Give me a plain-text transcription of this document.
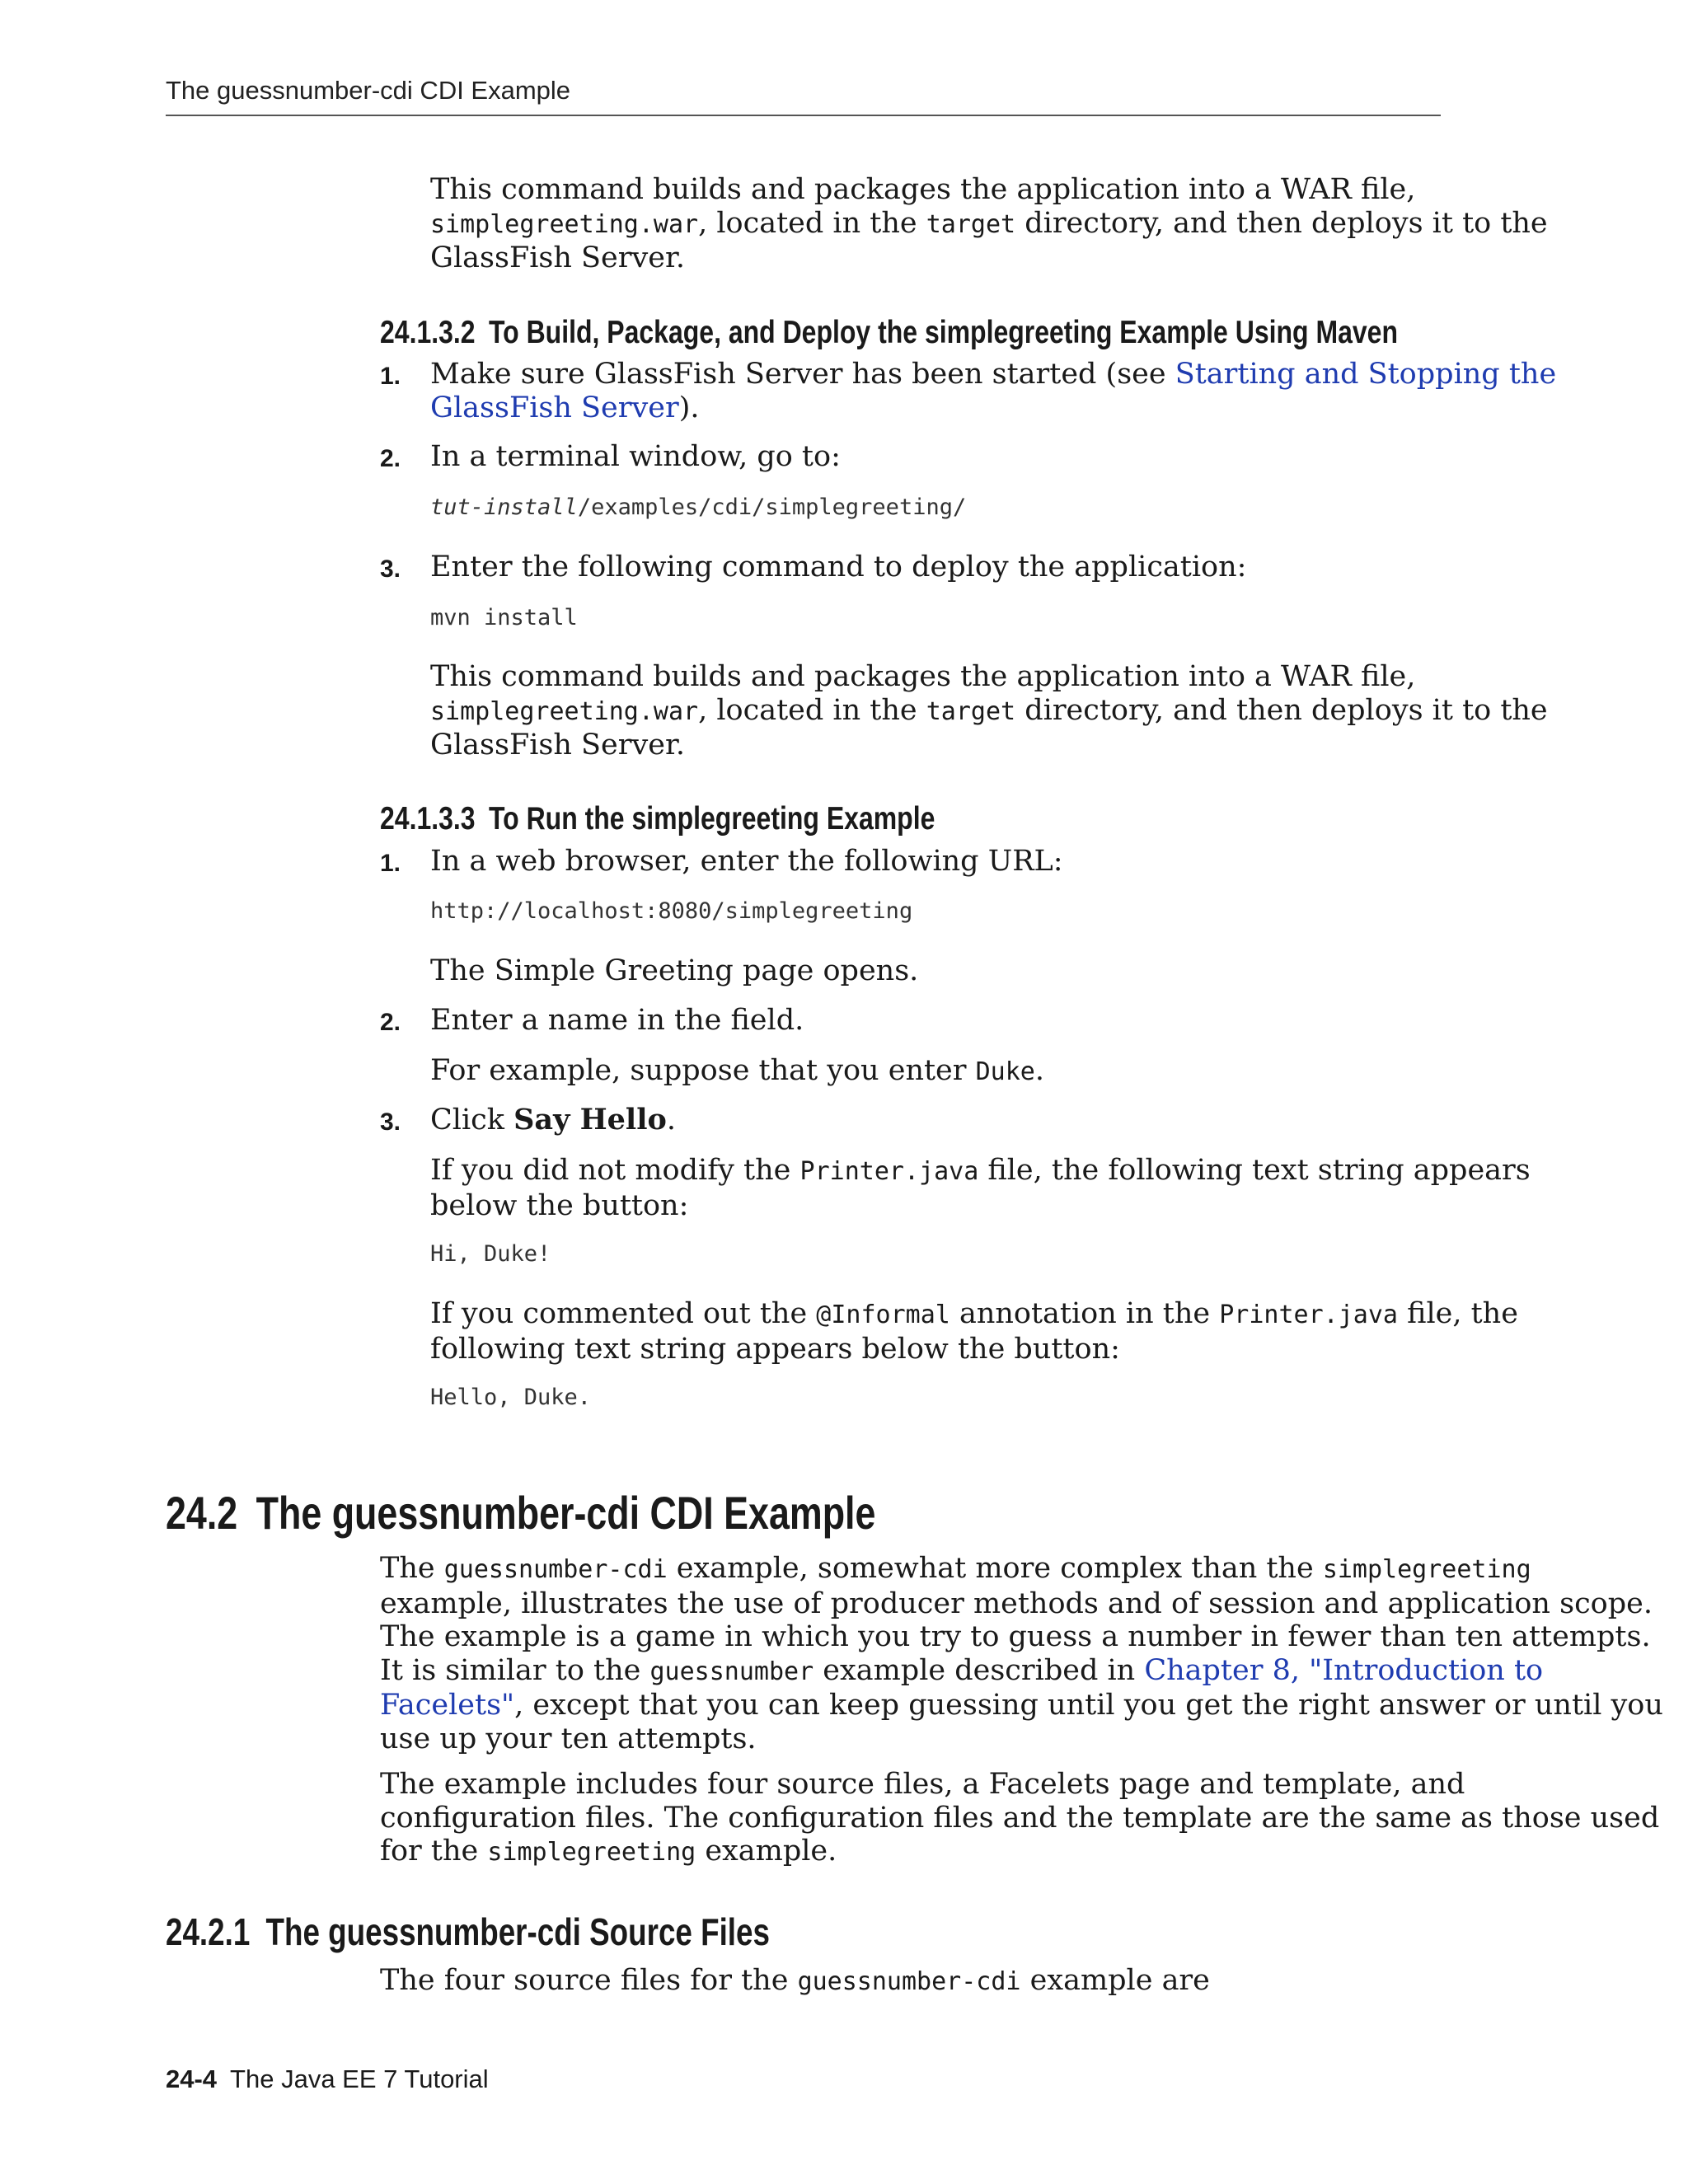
The guessnumber-cdi CDI Example

This command builds and packages the application into a WAR file,
simplegreeting.war, located in the target directory, and then deploys it to the
GlassFish Server.

24.1.3.2 To Build, Package, and Deploy the simplegreeting Example Using Maven
1. Make sure GlassFish Server has been started (see Starting and Stopping the
GlassFish Server).

2. In a terminal window, go to:

tut-install/examples/cdi/simplegreeting/
3. Enter the following command to deploy the application:

mvn install

This command builds and packages the application into a WAR file,
simplegreeting.war, located in the target directory, and then deploys it to the
GlassFish Server.

24.1.3.3 To Run the simplegreeting Example
1. In a web browser, enter the following URL:

http://localhost:8080/simplegreeting

The Simple Greeting page opens.

2. Enter a name in the field.

For example, suppose that you enter Duke.

3. Click Say Hello.

If you did not modify the Printer.java file, the following text string appears
below the button:

Hi, Duke!

If you commented out the @Informal annotation in the Printer.java file, the
following text string appears below the button:

Hello, Duke.
24.2 The guessnumber-cdi CDI Example

The guessnumber-cdi example, somewhat more complex than the simplegreeting
example, illustrates the use of producer methods and of session and application scope.
The example is a game in which you try to guess a number in fewer than ten attempts.
It is similar to the guessnumber example described in Chapter 8, "Introduction to
Facelets", except that you can keep guessing until you get the right answer or until you
use up your ten attempts.

The example includes four source files, a Facelets page and template, and
configuration files. The configuration files and the template are the same as those used
for the simplegreeting example.

24.2.1 The guessnumber-cdi Source Files

The four source files for the guessnumber-cdi example are

24-4 The Java EE 7 Tutorial
